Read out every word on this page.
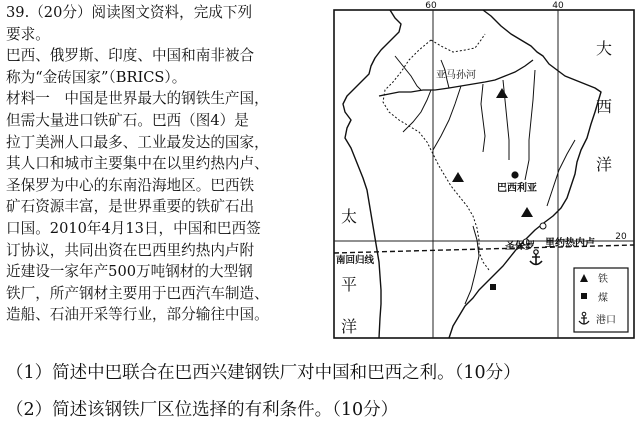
39.（20分）阅读图文资料，完成下列
要求。
巴西、俄罗斯、印度、中国和南非被合
称为“金砖国家”（BRICS）。
材料一　中国是世界最大的钢铁生产国，
但需大量进口铁矿石。巴西（图4）是
拉丁美洲人口最多、工业最发达的国家，
其人口和城市主要集中在以里约热内卢、
圣保罗为中心的东南沿海地区。巴西铁
矿石资源丰富，是世界重要的铁矿石出
口国。2010年4月13日，中国和巴西签
订协议，共同出资在巴西里约热内卢附
近建设一家年产500万吨钢材的大型钢
铁厂，所产钢材主要用于巴西汽车制造、
造船、石油开采等行业，部分输往中国。
60	40
20
亚马孙河
巴西利亚
圣保罗 里约热内卢
南回归线
大
西
洋
太
平
洋
铁
煤
港口
（1）简述中巴联合在巴西兴建钢铁厂对中国和巴西之利。（10分）
（2）简述该钢铁厂区位选择的有利条件。（10分）
